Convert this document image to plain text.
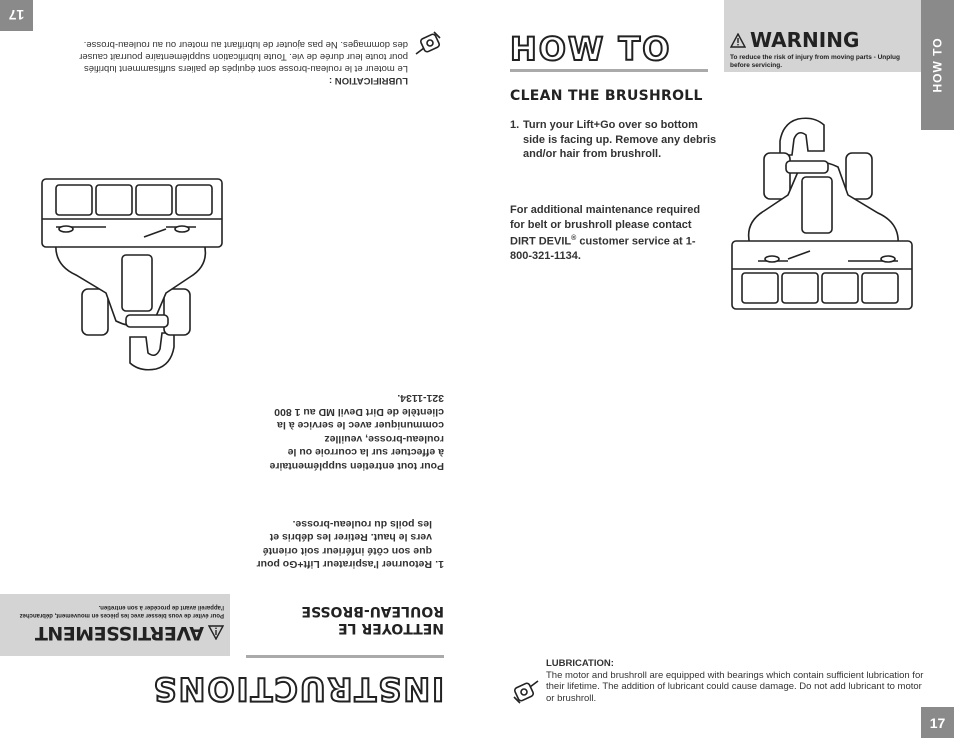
HOW TO	WARNING
To reduce the risk of injury from moving parts - Unplug before servicing.	HOW TO
CLEAN THE BRUSHROLL
1. Turn your Lift+Go over so bottom side is facing up. Remove any debris and/or hair from brushroll.
For additional maintenance required for belt or brushroll please contact DIRT DEVIL® customer service at 1-800-321-1134.
LUBRICATION:
The motor and brushroll are equipped with bearings which contain sufficient lubrication for their lifetime. The addition of lubricant could cause damage. Do not add lubricant to motor or brushroll.
17
INSTRUCTIONS
AVERTISSEMENT
Pour éviter de vous blesser avec les pièces en mouvement, débranchez l'appareil avant de procéder à son entretien.
NETTOYER LE ROULEAU-BROSSE
1.
Retourner l'aspirateur Lift+Go pour que son côté inférieur soit orienté vers le haut. Retirer les débris et les poils du rouleau-brosse.
Pour tout entretien supplémentaire à effectuer sur la courroie ou le rouleau-brosse, veuillez communiquer avec le service à la clientèle de Dirt Devil MD au 1 800 321-1134.
LUBRIFICATION :
Le moteur et le rouleau-brosse sont équipés de paliers suffisamment lubrifiés pour toute leur durée de vie. Toute lubrification supplémentaire pourrait causer des dommages. Ne pas ajouter de lubrifiant au moteur ou au rouleau-brosse.
17
